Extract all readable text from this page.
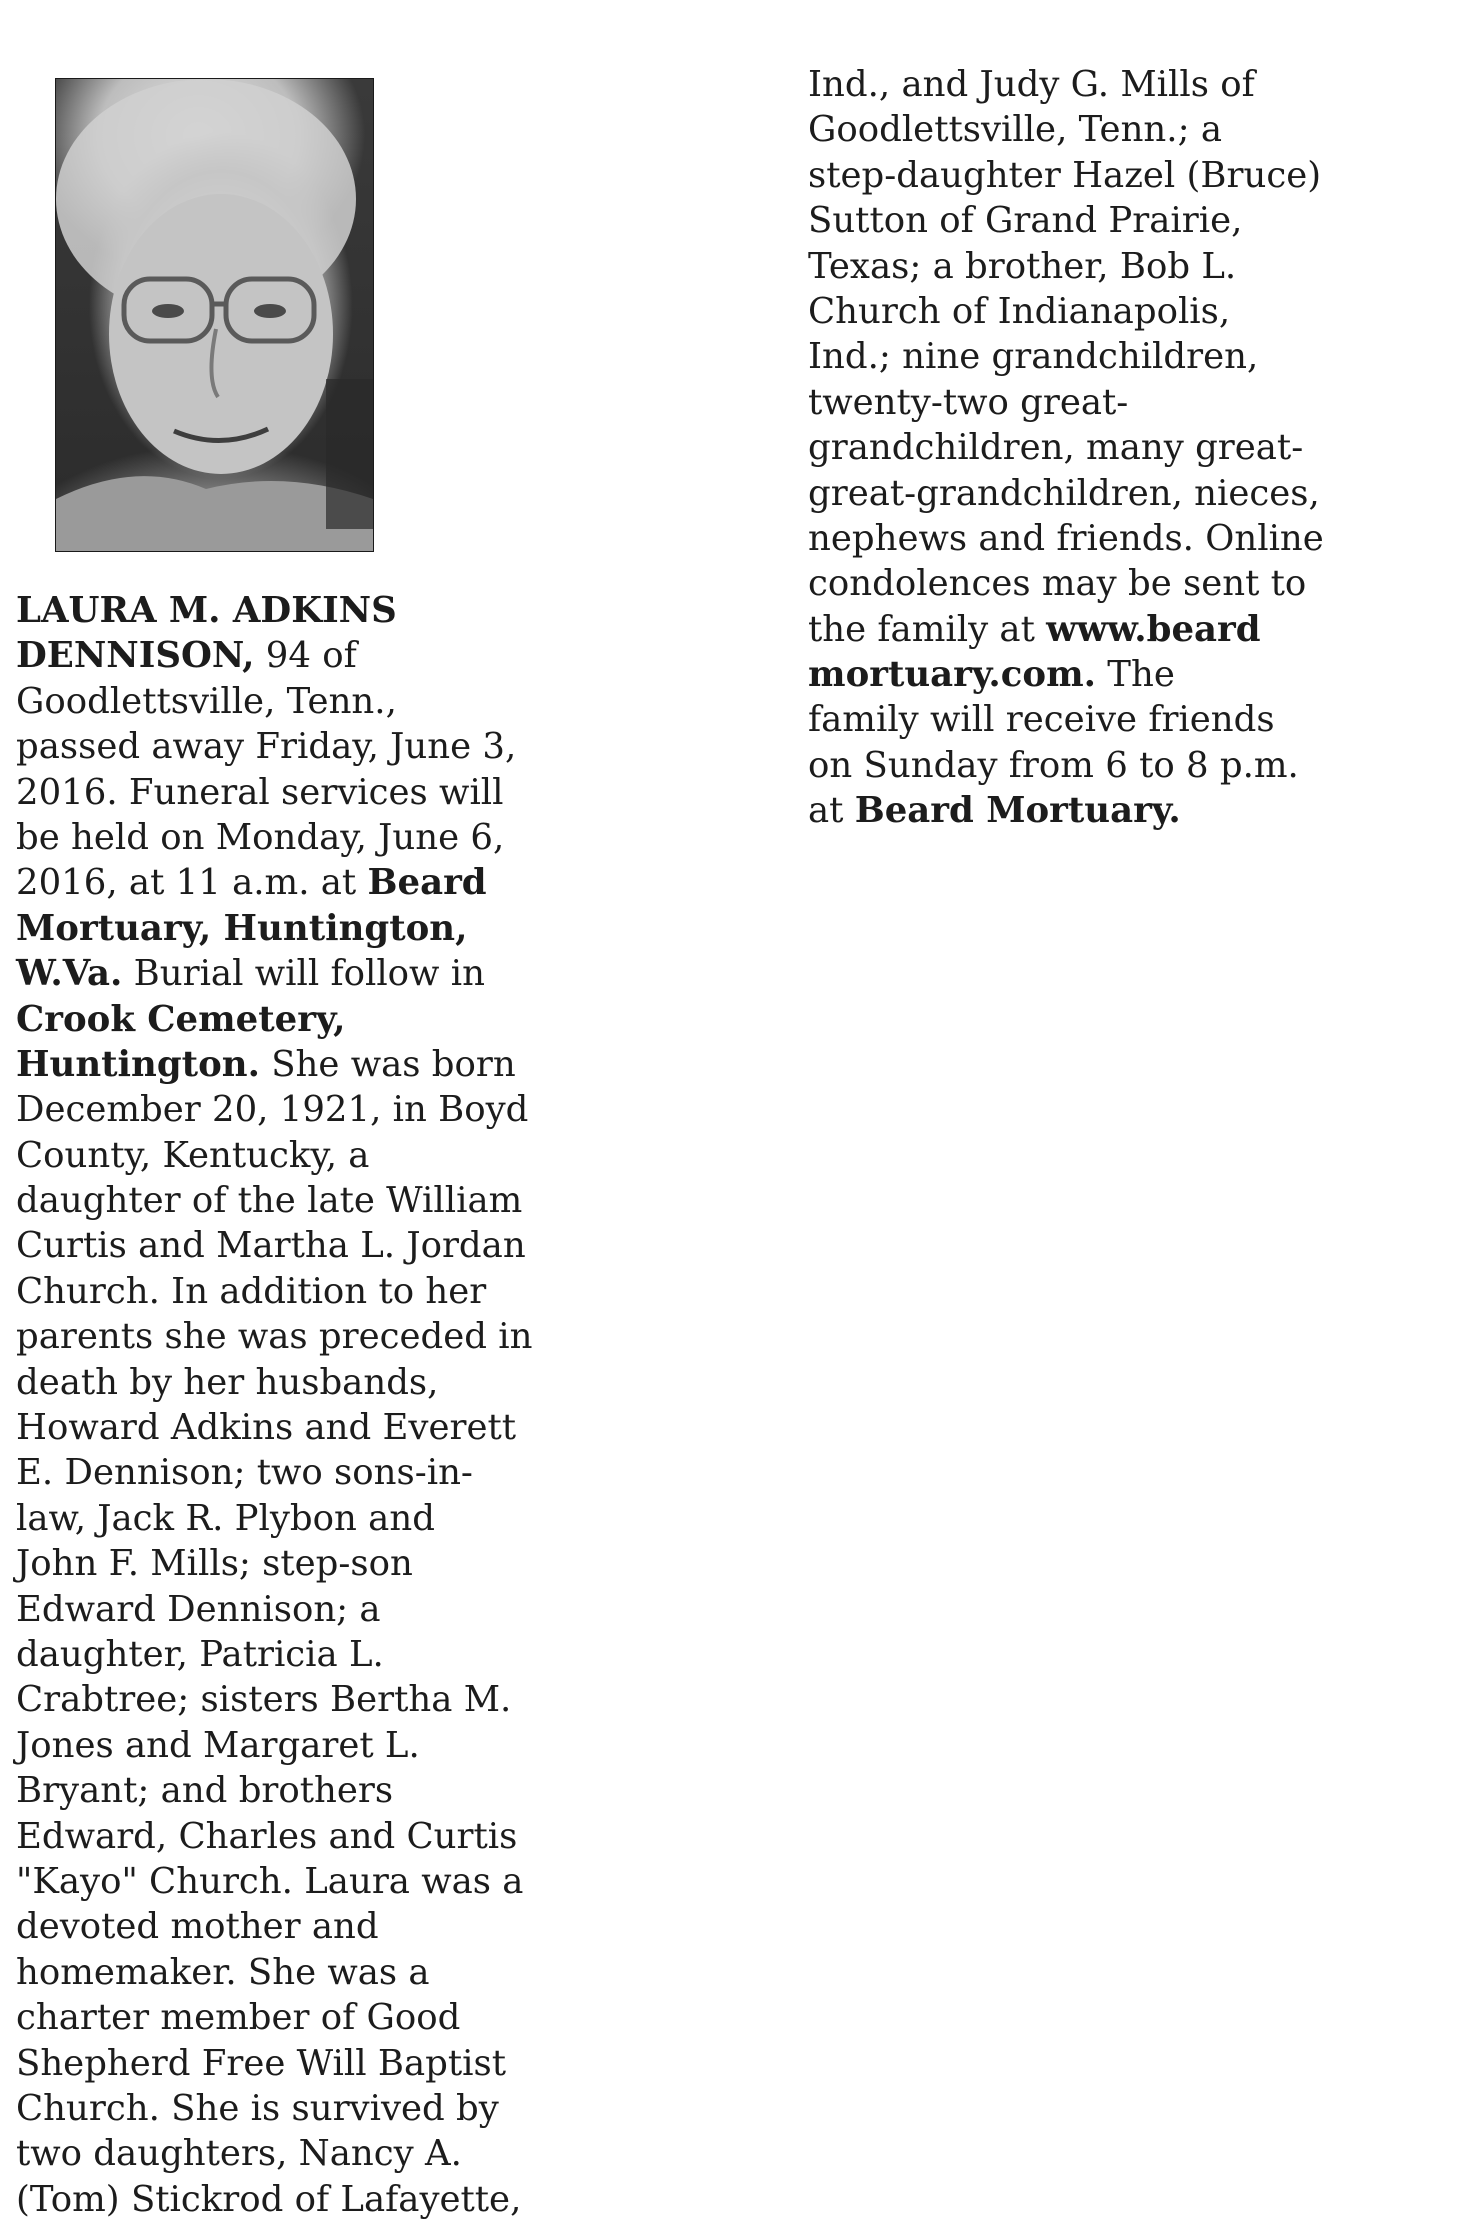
LAURA M. ADKINS
DENNISON, 94 of
Goodlettsville, Tenn.,
passed away Friday, June 3,
2016. Funeral services will
be held on Monday, June 6,
2016, at 11 a.m. at Beard
Mortuary, Huntington,
W.Va. Burial will follow in
Crook Cemetery,
Huntington. She was born
December 20, 1921, in Boyd
County, Kentucky, a
daughter of the late William
Curtis and Martha L. Jordan
Church. In addition to her
parents she was preceded in
death by her husbands,
Howard Adkins and Everett
E. Dennison; two sons-in-
law, Jack R. Plybon and
John F. Mills; step-son
Edward Dennison; a
daughter, Patricia L.
Crabtree; sisters Bertha M.
Jones and Margaret L.
Bryant; and brothers
Edward, Charles and Curtis
"Kayo" Church. Laura was a
devoted mother and
homemaker. She was a
charter member of Good
Shepherd Free Will Baptist
Church. She is survived by
two daughters, Nancy A.
(Tom) Stickrod of Lafayette,
Ind., and Judy G. Mills of
Goodlettsville, Tenn.; a
step-daughter Hazel (Bruce)
Sutton of Grand Prairie,
Texas; a brother, Bob L.
Church of Indianapolis,
Ind.; nine grandchildren,
twenty-two great-
grandchildren, many great-
great-grandchildren, nieces,
nephews and friends. Online
condolences may be sent to
the family at www.beard
mortuary.com. The
family will receive friends
on Sunday from 6 to 8 p.m.
at Beard Mortuary.
